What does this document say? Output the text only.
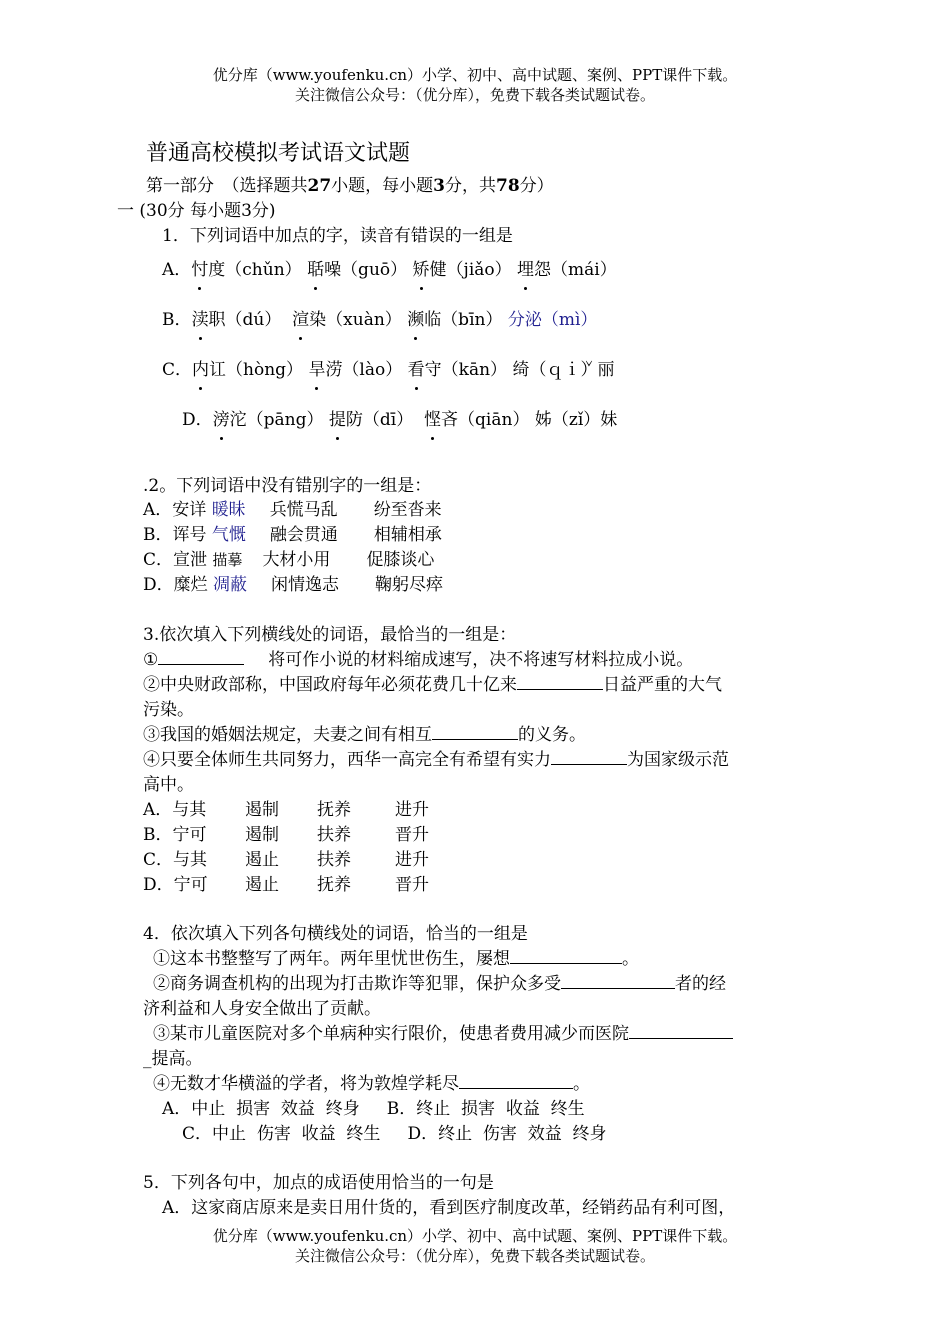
优分库（www.youfenku.cn）小学、初中、高中试题、案例、PPT课件下载。
关注微信公众号：（优分库），免费下载各类试题试卷。
普通高校模拟考试语文试题
第一部分　（选择题共27小题，每小题3分，共78分）
一 (30分 每小题3分)
1．下列词语中加点的字，读音有错误的一组是
A．忖度（chǔn） 聒噪（guō） 矫健（jiǎo） 埋怨（mái）
B．渎职（dú） 渲染（xuàn） 濒临（bīn） 分泌（mì）
C．内讧（hòng） 旱涝（lào） 看守（kān） 绮（ｑｉ̌）丽
D．滂沱（pāng） 提防（dī） 悭吝（qiān） 姊（zǐ）妹
.2。下列词语中没有错别字的一组是：
A．安详 暖昧 兵慌马乱 纷至沓来
B．诨号 气慨 融会贯通 相辅相承
C．宣泄 描摹 大材小用 促膝谈心
D．糜烂 凋蔽 闲情逸志 鞠躬尽瘁
3.依次填入下列横线处的词语，最恰当的一组是：
①	将可作小说的材料缩成速写，决不将速写材料拉成小说。
②中央财政部称，中国政府每年必须花费几十亿来	日益严重的大气
污染。
③我国的婚姻法规定，夫妻之间有相互	的义务。
④只要全体师生共同努力，西华一高完全有希望有实力	为国家级示范
高中。
A．与其 遏制 抚养	进升
B．宁可 遏制 扶养	晋升
C．与其 遏止 扶养	进升
D．宁可 遏止 抚养	晋升
4．依次填入下列各句横线处的词语，恰当的一组是
①这本书整整写了两年。两年里忧世伤生，屡想	。
②商务调查机构的出现为打击欺诈等犯罪，保护众多受	者的经
济利益和人身安全做出了贡献。
③某市儿童医院对多个单病种实行限价，使患者费用减少而医院
_提高。
④无数才华横溢的学者，将为敦煌学耗尽	。
A．中止  损害  效益  终身     B．终止  损害  收益  终生
C．中止  伤害  收益  终生     D．终止  伤害  效益  终身
5．下列各句中，加点的成语使用恰当的一句是
A．这家商店原来是卖日用什货的，看到医疗制度改革，经销药品有利可图，
优分库（www.youfenku.cn）小学、初中、高中试题、案例、PPT课件下载。
关注微信公众号：（优分库），免费下载各类试题试卷。
